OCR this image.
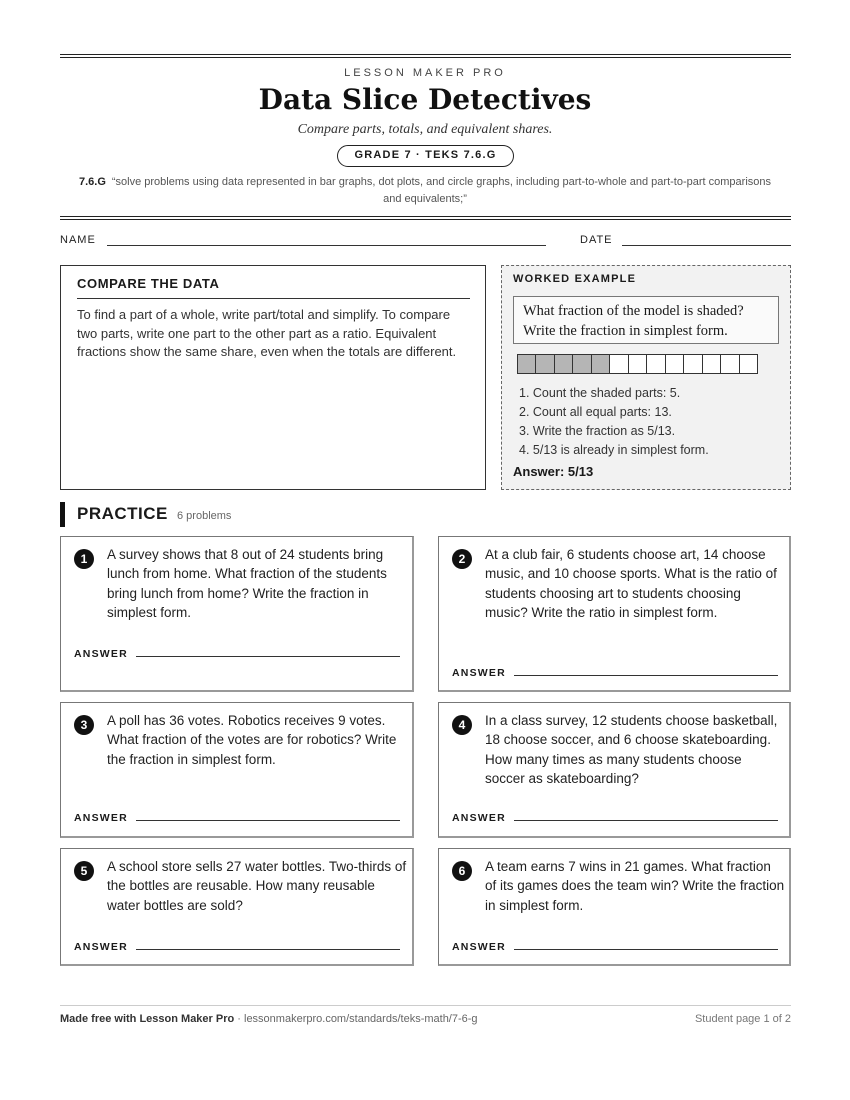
LESSON MAKER PRO
Data Slice Detectives
Compare parts, totals, and equivalent shares.
GRADE 7 · TEKS 7.6.G
7.6.G “solve problems using data represented in bar graphs, dot plots, and circle graphs, including part-to-whole and part-to-part comparisons and equivalents;”
NAME	DATE
COMPARE THE DATA
To find a part of a whole, write part/total and simplify. To compare two parts, write one part to the other part as a ratio. Equivalent fractions show the same share, even when the totals are different.
WORKED EXAMPLE
What fraction of the model is shaded?
Write the fraction in simplest form.
1. Count the shaded parts: 5.
2. Count all equal parts: 13.
3. Write the fraction as 5/13.
4. 5/13 is already in simplest form.
Answer: 5/13
PRACTICE 6 problems
1	A survey shows that 8 out of 24 students bring lunch from home. What fraction of the students bring lunch from home? Write the fraction in simplest form.
ANSWER
2	At a club fair, 6 students choose art, 14 choose music, and 10 choose sports. What is the ratio of students choosing art to students choosing music? Write the ratio in simplest form.
ANSWER
3	A poll has 36 votes. Robotics receives 9 votes. What fraction of the votes are for robotics? Write the fraction in simplest form.
ANSWER
4	In a class survey, 12 students choose basketball, 18 choose soccer, and 6 choose skateboarding. How many times as many students choose soccer as skateboarding?
ANSWER
5	A school store sells 27 water bottles. Two-thirds of the bottles are reusable. How many reusable water bottles are sold?
ANSWER
6	A team earns 7 wins in 21 games. What fraction of its games does the team win? Write the fraction in simplest form.
ANSWER
Made free with Lesson Maker Pro · lessonmakerpro.com/standards/teks-math/7-6-g	Student page 1 of 2
